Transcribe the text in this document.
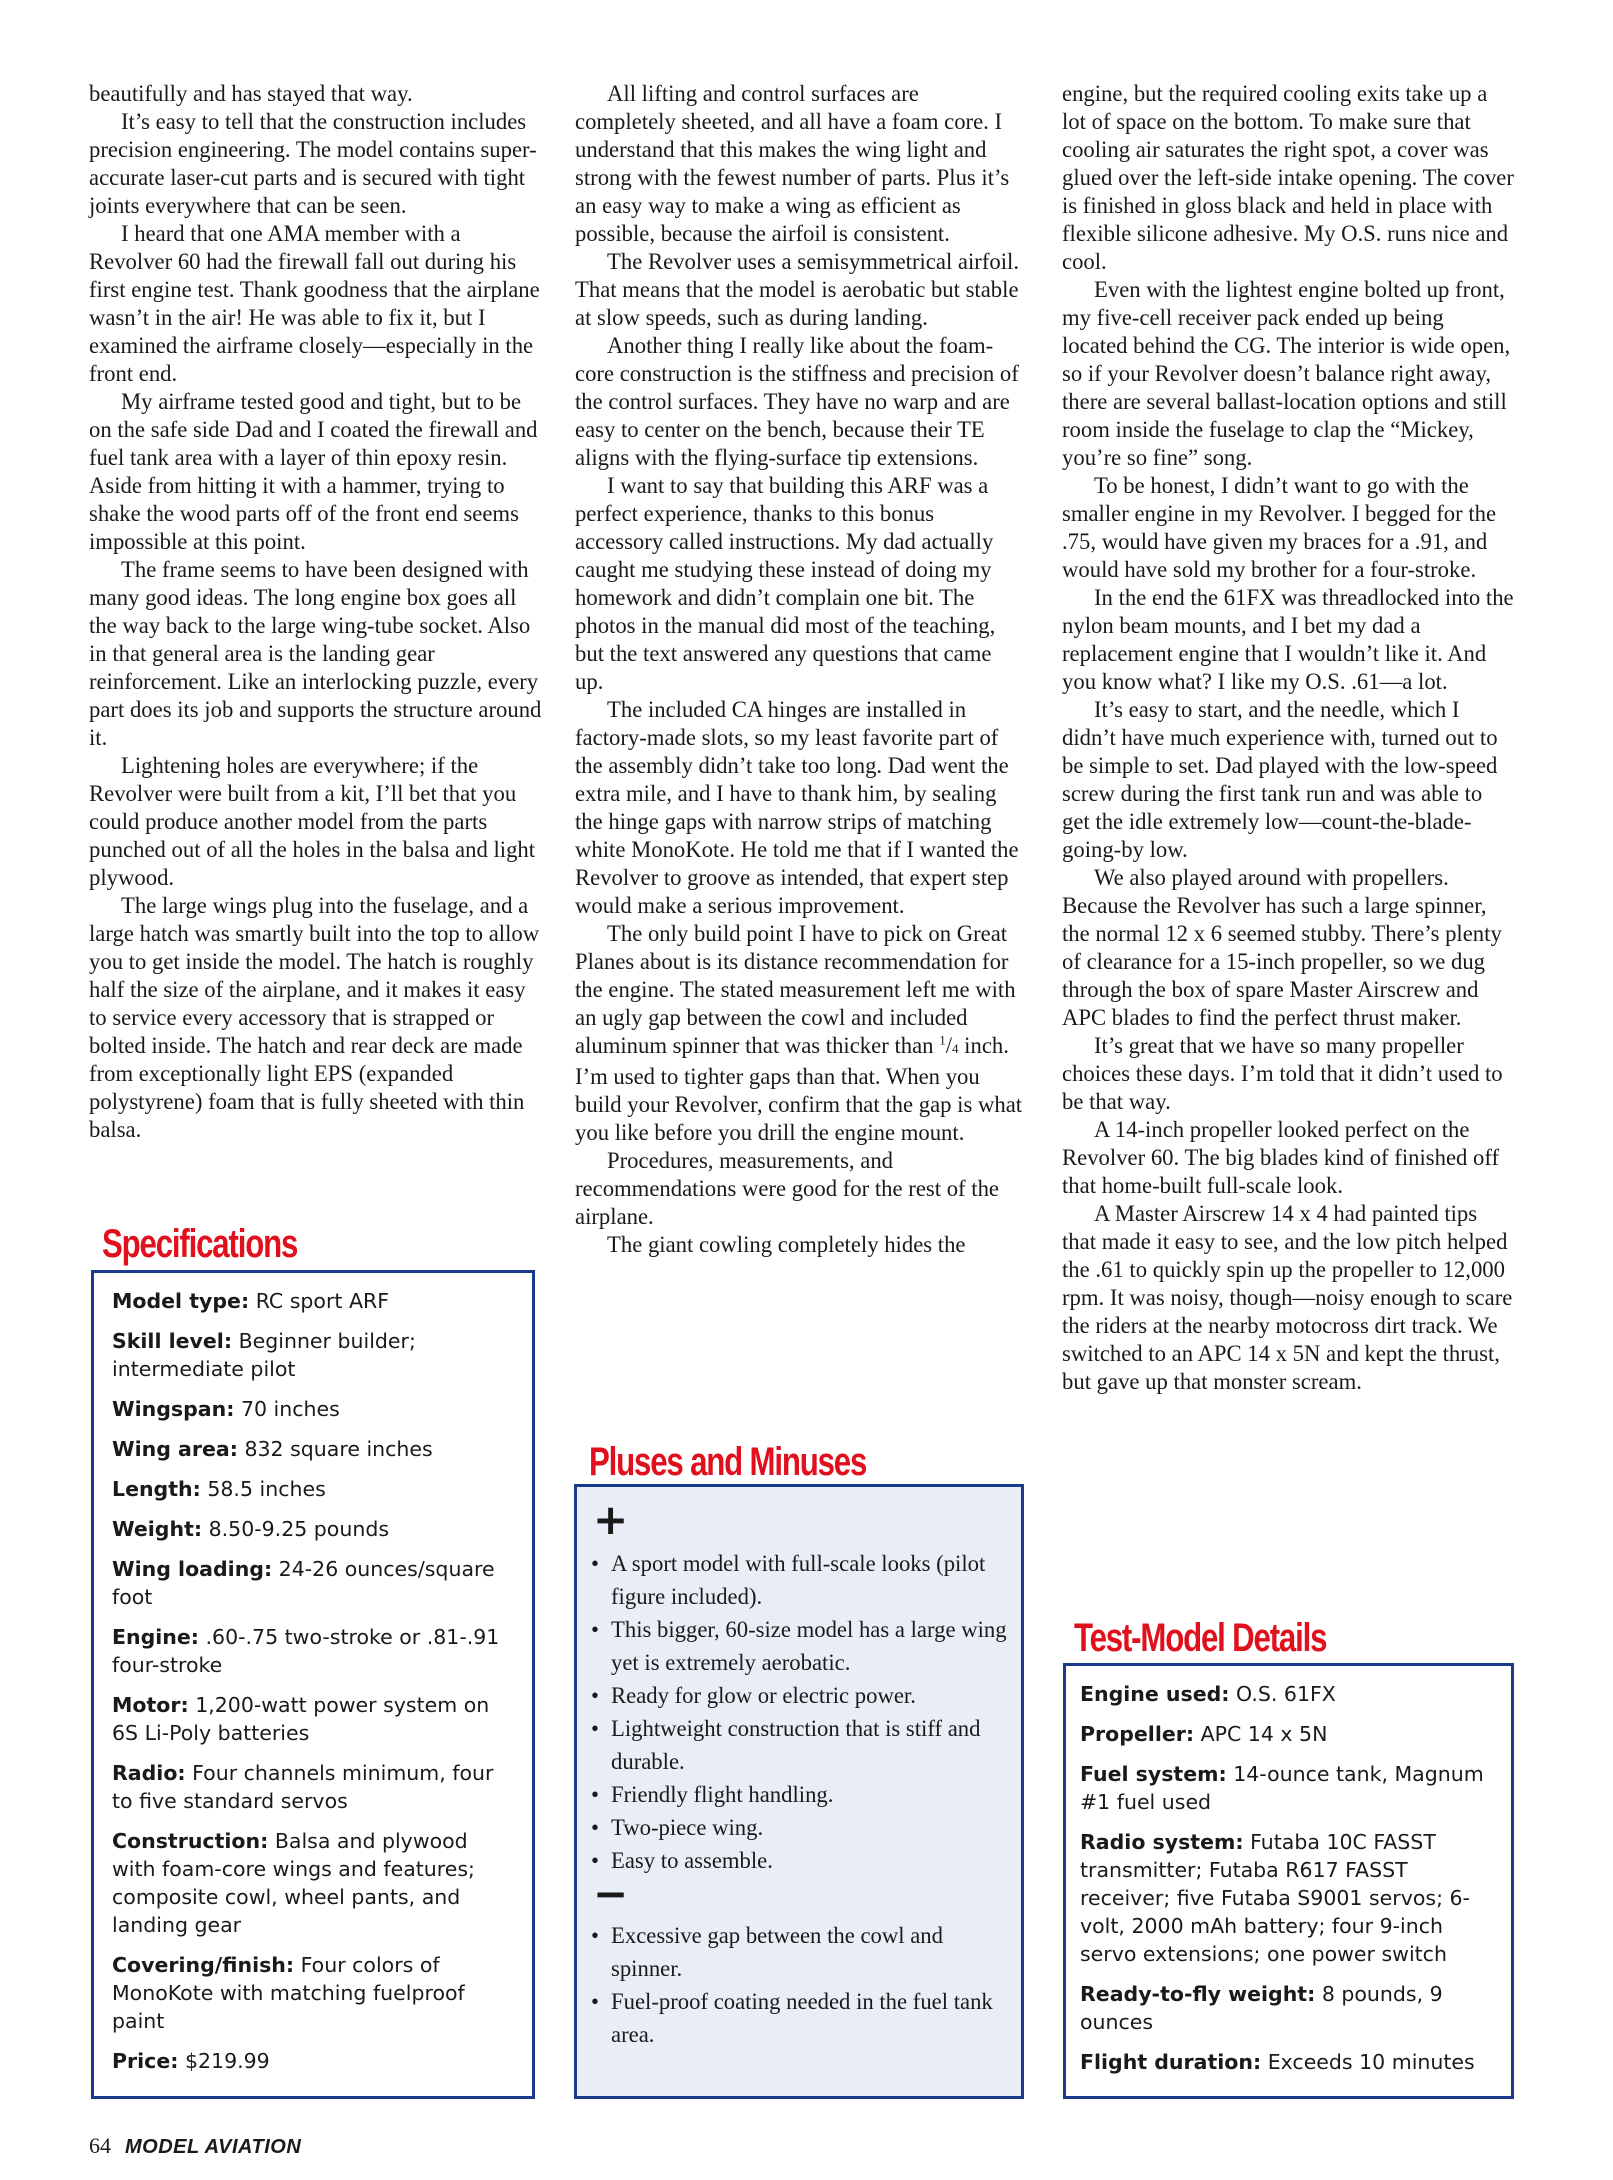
beautifully and has stayed that way.

It’s easy to tell that the construction includes precision engineering. The model contains super-accurate laser-cut parts and is secured with tight joints everywhere that can be seen.

I heard that one AMA member with a Revolver 60 had the firewall fall out during his first engine test. Thank goodness that the airplane wasn’t in the air! He was able to fix it, but I examined the airframe closely—especially in the front end.

My airframe tested good and tight, but to be on the safe side Dad and I coated the firewall and fuel tank area with a layer of thin epoxy resin. Aside from hitting it with a hammer, trying to shake the wood parts off of the front end seems impossible at this point.

The frame seems to have been designed with many good ideas. The long engine box goes all the way back to the large wing-tube socket. Also in that general area is the landing gear reinforcement. Like an interlocking puzzle, every part does its job and supports the structure around it.

Lightening holes are everywhere; if the Revolver were built from a kit, I’ll bet that you could produce another model from the parts punched out of all the holes in the balsa and light plywood.

The large wings plug into the fuselage, and a large hatch was smartly built into the top to allow you to get inside the model. The hatch is roughly half the size of the airplane, and it makes it easy to service every accessory that is strapped or bolted inside. The hatch and rear deck are made from exceptionally light EPS (expanded polystyrene) foam that is fully sheeted with thin balsa.

All lifting and control surfaces are completely sheeted, and all have a foam core. I understand that this makes the wing light and strong with the fewest number of parts. Plus it’s an easy way to make a wing as efficient as possible, because the airfoil is consistent.

The Revolver uses a semisymmetrical airfoil. That means that the model is aerobatic but stable at slow speeds, such as during landing.

Another thing I really like about the foam-core construction is the stiffness and precision of the control surfaces. They have no warp and are easy to center on the bench, because their TE aligns with the flying-surface tip extensions.

I want to say that building this ARF was a perfect experience, thanks to this bonus accessory called instructions. My dad actually caught me studying these instead of doing my homework and didn’t complain one bit. The photos in the manual did most of the teaching, but the text answered any questions that came up.

The included CA hinges are installed in factory-made slots, so my least favorite part of the assembly didn’t take too long. Dad went the extra mile, and I have to thank him, by sealing the hinge gaps with narrow strips of matching white MonoKote. He told me that if I wanted the Revolver to groove as intended, that expert step would make a serious improvement.

The only build point I have to pick on Great Planes about is its distance recommendation for the engine. The stated measurement left me with an ugly gap between the cowl and included aluminum spinner that was thicker than $^1$/4 inch. I’m used to tighter gaps than that. When you build your Revolver, confirm that the gap is what you like before you drill the engine mount.

Procedures, measurements, and recommendations were good for the rest of the airplane.

The giant cowling completely hides the

engine, but the required cooling exits take up a lot of space on the bottom. To make sure that cooling air saturates the right spot, a cover was glued over the left-side intake opening. The cover is finished in gloss black and held in place with flexible silicone adhesive. My O.S. runs nice and cool.

Even with the lightest engine bolted up front, my five-cell receiver pack ended up being located behind the CG. The interior is wide open, so if your Revolver doesn’t balance right away, there are several ballast-location options and still room inside the fuselage to clap the “Mickey, you’re so fine” song.

To be honest, I didn’t want to go with the smaller engine in my Revolver. I begged for the .75, would have given my braces for a .91, and would have sold my brother for a four-stroke.

In the end the 61FX was threadlocked into the nylon beam mounts, and I bet my dad a replacement engine that I wouldn’t like it. And you know what? I like my O.S. .61—a lot.

It’s easy to start, and the needle, which I didn’t have much experience with, turned out to be simple to set. Dad played with the low-speed screw during the first tank run and was able to get the idle extremely low—count-the-blade-going-by low.

We also played around with propellers. Because the Revolver has such a large spinner, the normal 12 x 6 seemed stubby. There’s plenty of clearance for a 15-inch propeller, so we dug through the box of spare Master Airscrew and APC blades to find the perfect thrust maker.

It’s great that we have so many propeller choices these days. I’m told that it didn’t used to be that way.

A 14-inch propeller looked perfect on the Revolver 60. The big blades kind of finished off that home-built full-scale look.

A Master Airscrew 14 x 4 had painted tips that made it easy to see, and the low pitch helped the .61 to quickly spin up the propeller to 12,000 rpm. It was noisy, though—noisy enough to scare the riders at the nearby motocross dirt track. We switched to an APC 14 x 5N and kept the thrust, but gave up that monster scream.

Specifications
Model type: RC sport ARF
Skill level: Beginner builder; intermediate pilot
Wingspan: 70 inches
Wing area: 832 square inches
Length: 58.5 inches
Weight: 8.50-9.25 pounds
Wing loading: 24-26 ounces/square foot
Engine: .60-.75 two-stroke or .81-.91 four-stroke
Motor: 1,200-watt power system on 6S Li-Poly batteries
Radio: Four channels minimum, four to five standard servos
Construction: Balsa and plywood with foam-core wings and features; composite cowl, wheel pants, and landing gear
Covering/finish: Four colors of MonoKote with matching fuelproof paint
Price: $219.99
Pluses and Minuses
+
• A sport model with full-scale looks (pilot figure included).
• This bigger, 60-size model has a large wing yet is extremely aerobatic.
• Ready for glow or electric power.
• Lightweight construction that is stiff and durable.
• Friendly flight handling.
• Two-piece wing.
• Easy to assemble.
−
• Excessive gap between the cowl and spinner.
• Fuel-proof coating needed in the fuel tank area.
Test-Model Details
Engine used: O.S. 61FX
Propeller: APC 14 x 5N
Fuel system: 14-ounce tank, Magnum #1 fuel used
Radio system: Futaba 10C FASST transmitter; Futaba R617 FASST receiver; five Futaba S9001 servos; 6-volt, 2000 mAh battery; four 9-inch servo extensions; one power switch
Ready-to-fly weight: 8 pounds, 9 ounces
Flight duration: Exceeds 10 minutes
64 MODEL AVIATION
